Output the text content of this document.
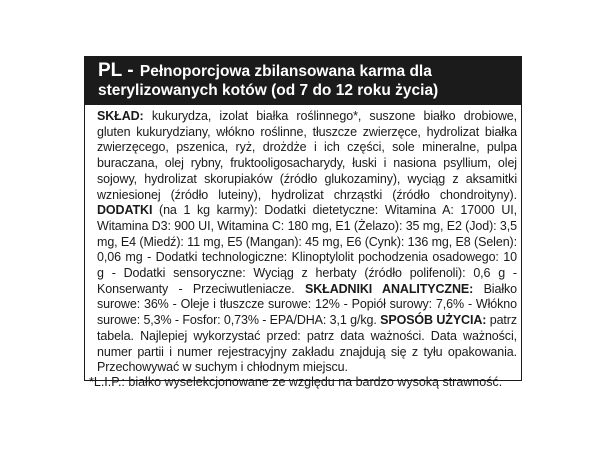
PL - Pełnoporcjowa zbilansowana karma dla sterylizowanych kotów (od 7 do 12 roku życia)

SKŁAD: kukurydza, izolat białka roślinnego*, suszone białko drobiowe, gluten kukurydziany, włókno roślinne, tłuszcze zwierzęce, hydrolizat białka zwierzęcego, pszenica, ryż, drożdże i ich części, sole mineralne, pulpa buraczana, olej rybny, fruktooligosacharydy, łuski i nasiona psyllium, olej sojowy, hydrolizat skorupiaków (źródło glukozaminy), wyciąg z aksamitki wzniesionej (źródło luteiny), hydrolizat chrząstki (źródło chondroityny). DODATKI (na 1 kg karmy): Dodatki dietetyczne: Witamina A: 17000 UI, Witamina D3: 900 UI, Witamina C: 180 mg, E1 (Żelazo): 35 mg, E2 (Jod): 3,5 mg, E4 (Miedź): 11 mg, E5 (Mangan): 45 mg, E6 (Cynk): 136 mg, E8 (Selen): 0,06 mg - Dodatki technologiczne: Klinoptylolit pochodzenia osadowego: 10 g - Dodatki sensoryczne: Wyciąg z herbaty (źródło polifenoli): 0,6 g - Konserwanty - Przeciwutleniacze. SKŁADNIKI ANALITYCZNE: Białko surowe: 36% - Oleje i tłuszcze surowe: 12% - Popiół surowy: 7,6% - Włókno surowe: 5,3% - Fosfor: 0,73% - EPA/DHA: 3,1 g/kg. SPOSÓB UŻYCIA: patrz tabela. Najlepiej wykorzystać przed: patrz data ważności. Data ważności, numer partii i numer rejestracyjny zakładu znajdują się z tyłu opakowania. Przechowywać w suchym i chłodnym miejscu.

*L.I.P.: białko wyselekcjonowane ze względu na bardzo wysoką strawność.
